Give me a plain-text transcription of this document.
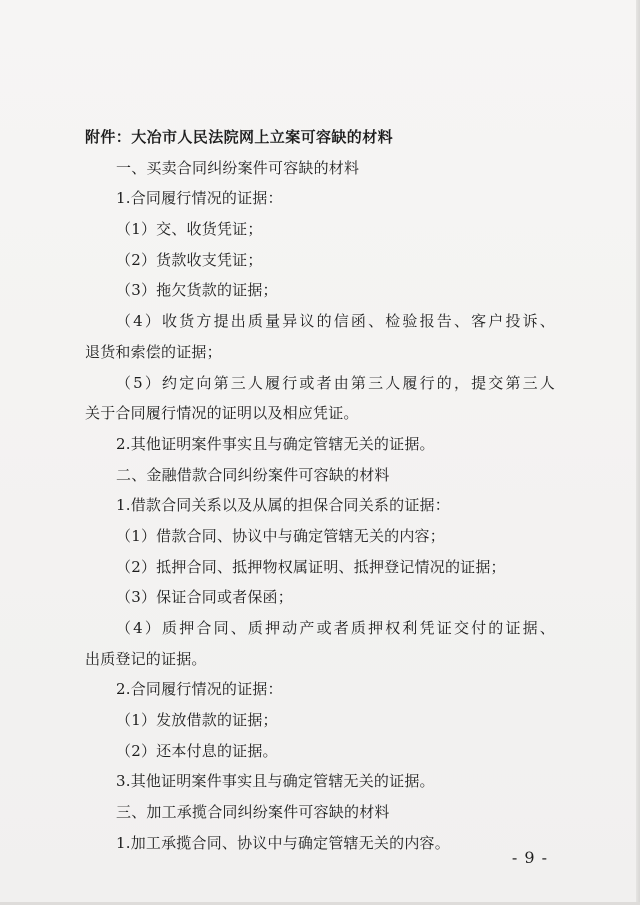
附件：大冶市人民法院网上立案可容缺的材料
一、买卖合同纠纷案件可容缺的材料
1.合同履行情况的证据：
（1）交、收货凭证；
（2）货款收支凭证；
（3）拖欠货款的证据；
（4）收货方提出质量异议的信函、检验报告、客户投诉、
退货和索偿的证据；
（5）约定向第三人履行或者由第三人履行的，提交第三人
关于合同履行情况的证明以及相应凭证。
2.其他证明案件事实且与确定管辖无关的证据。
二、金融借款合同纠纷案件可容缺的材料
1.借款合同关系以及从属的担保合同关系的证据：
（1）借款合同、协议中与确定管辖无关的内容；
（2）抵押合同、抵押物权属证明、抵押登记情况的证据；
（3）保证合同或者保函；
（4）质押合同、质押动产或者质押权利凭证交付的证据、
出质登记的证据。
2.合同履行情况的证据：
（1）发放借款的证据；
（2）还本付息的证据。
3.其他证明案件事实且与确定管辖无关的证据。
三、加工承揽合同纠纷案件可容缺的材料
1.加工承揽合同、协议中与确定管辖无关的内容。
- 9 -
